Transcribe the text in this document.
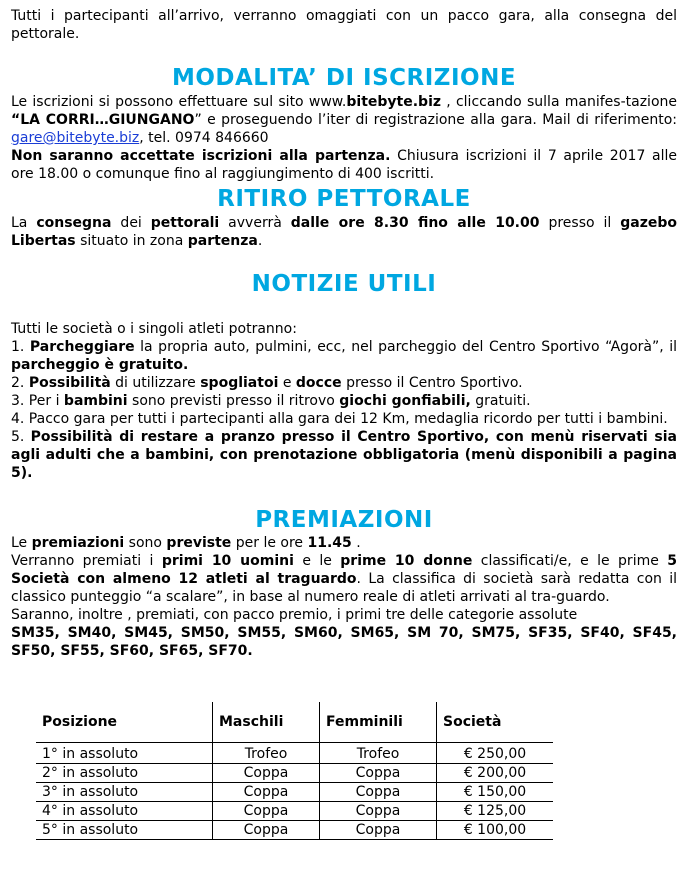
Tutti i partecipanti all’arrivo, verranno omaggiati con un pacco gara, alla consegna del pettorale.

MODALITA’ DI ISCRIZIONE

Le iscrizioni si possono effettuare sul sito www.bitebyte.biz , cliccando sulla manifes-tazione “LA CORRI…GIUNGANO” e proseguendo l’iter di registrazione alla gara. Mail di riferimento: gare@bitebyte.biz, tel. 0974 846660

Non saranno accettate iscrizioni alla partenza. Chiusura iscrizioni il 7 aprile 2017 alle ore 18.00 o comunque fino al raggiungimento di 400 iscritti.

RITIRO PETTORALE

La consegna dei pettorali avverrà dalle ore 8.30 fino alle 10.00 presso il gazebo Libertas situato in zona partenza.

NOTIZIE UTILI

Tutti le società o i singoli atleti potranno:

1. Parcheggiare la propria auto, pulmini, ecc, nel parcheggio del Centro Sportivo “Agorà”, il parcheggio è gratuito.

2. Possibilità di utilizzare spogliatoi e docce presso il Centro Sportivo.

3. Per i bambini sono previsti presso il ritrovo giochi gonfiabili, gratuiti.

4. Pacco gara per tutti i partecipanti alla gara dei 12 Km, medaglia ricordo per tutti i bambini.

5. Possibilità di restare a pranzo presso il Centro Sportivo, con menù riservati sia agli adulti che a bambini, con prenotazione obbligatoria (menù disponibili a pagina 5).

PREMIAZIONI

Le premiazioni sono previste per le ore 11.45 .

Verranno premiati i primi 10 uomini e le prime 10 donne classificati/e, e le prime 5 Società con almeno 12 atleti al traguardo. La classifica di società sarà redatta con il classico punteggio “a scalare”, in base al numero reale di atleti arrivati al tra-guardo.

Saranno, inoltre , premiati, con pacco premio, i primi tre delle categorie assolute

SM35, SM40, SM45, SM50, SM55, SM60, SM65, SM 70, SM75, SF35, SF40, SF45, SF50, SF55, SF60, SF65, SF70.

Posizione	Maschili	Femminili	Società
1° in assoluto	Trofeo	Trofeo	€ 250,00
2° in assoluto	Coppa	Coppa	€ 200,00
3° in assoluto	Coppa	Coppa	€ 150,00
4° in assoluto	Coppa	Coppa	€ 125,00
5° in assoluto	Coppa	Coppa	€ 100,00
